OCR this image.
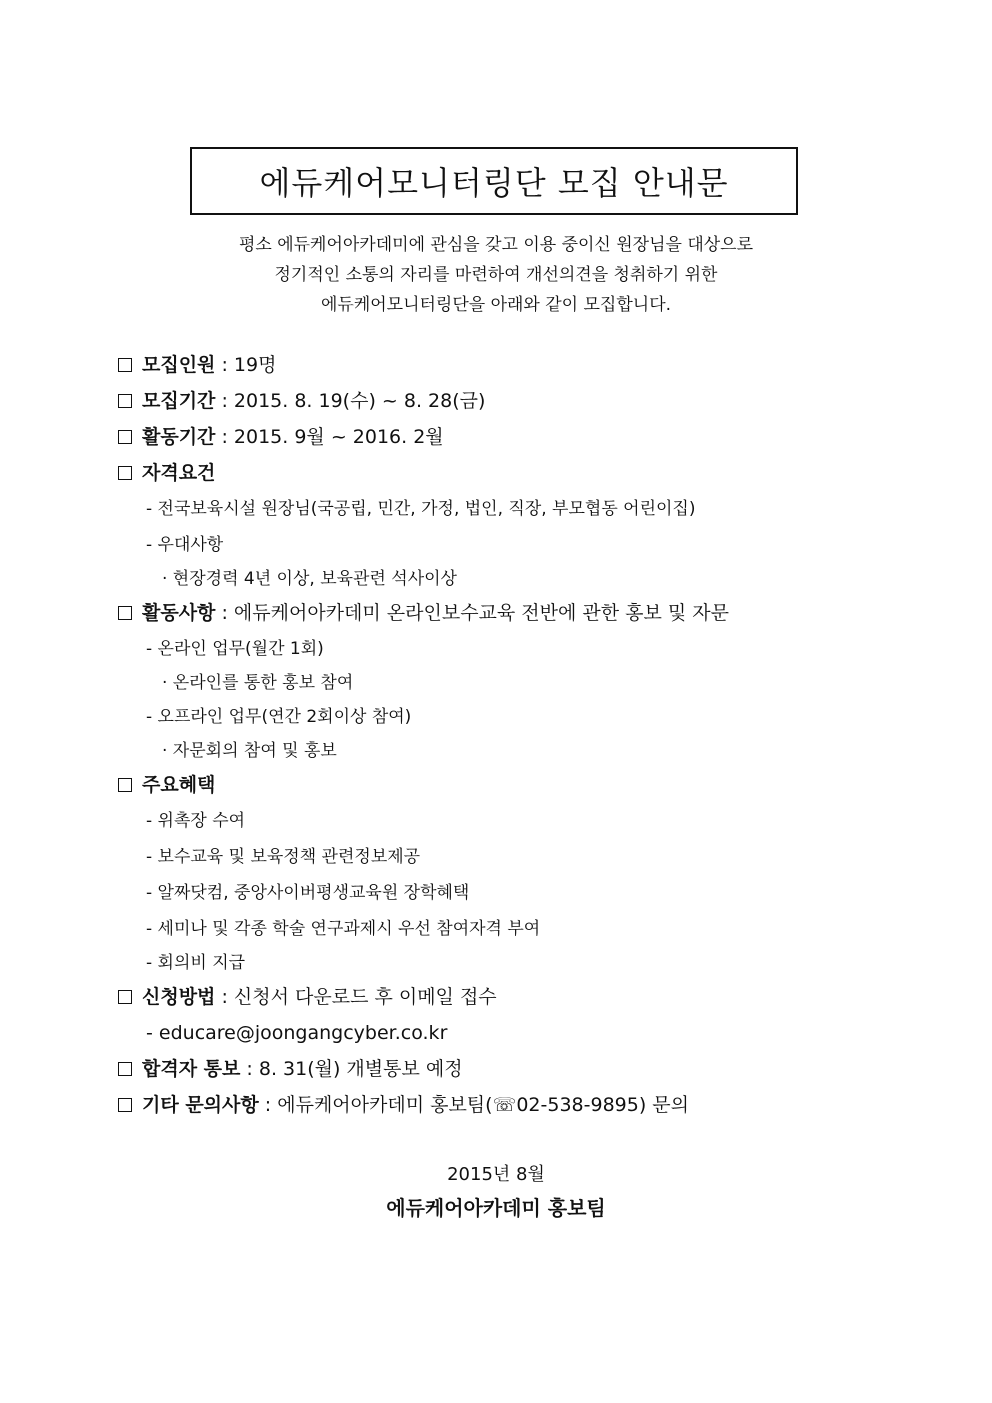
에듀케어모니터링단 모집 안내문
평소 에듀케어아카데미에 관심을 갖고 이용 중이신 원장님을 대상으로
정기적인 소통의 자리를 마련하여 개선의견을 청취하기 위한
에듀케어모니터링단을 아래와 같이 모집합니다.
모집인원 : 19명
모집기간 : 2015. 8. 19(수) ~ 8. 28(금)
활동기간 : 2015. 9월 ~ 2016. 2월
자격요건
- 전국보육시설 원장님(국공립, 민간, 가정, 법인, 직장, 부모협동 어린이집)
- 우대사항
· 현장경력 4년 이상, 보육관련 석사이상
활동사항 : 에듀케어아카데미 온라인보수교육 전반에 관한 홍보 및 자문
- 온라인 업무(월간 1회)
· 온라인를 통한 홍보 참여
- 오프라인 업무(연간 2회이상 참여)
· 자문회의 참여 및 홍보
주요혜택
- 위촉장 수여
- 보수교육 및 보육정책 관련정보제공
- 알짜닷컴, 중앙사이버평생교육원 장학혜택
- 세미나 및 각종 학술 연구과제시 우선 참여자격 부여
- 회의비 지급
신청방법 : 신청서 다운로드 후 이메일 접수
- educare@joongangcyber.co.kr
합격자 통보 : 8. 31(월) 개별통보 예정
기타 문의사항 : 에듀케어아카데미 홍보팀(☏02-538-9895) 문의
2015년 8월
에듀케어아카데미 홍보팀
